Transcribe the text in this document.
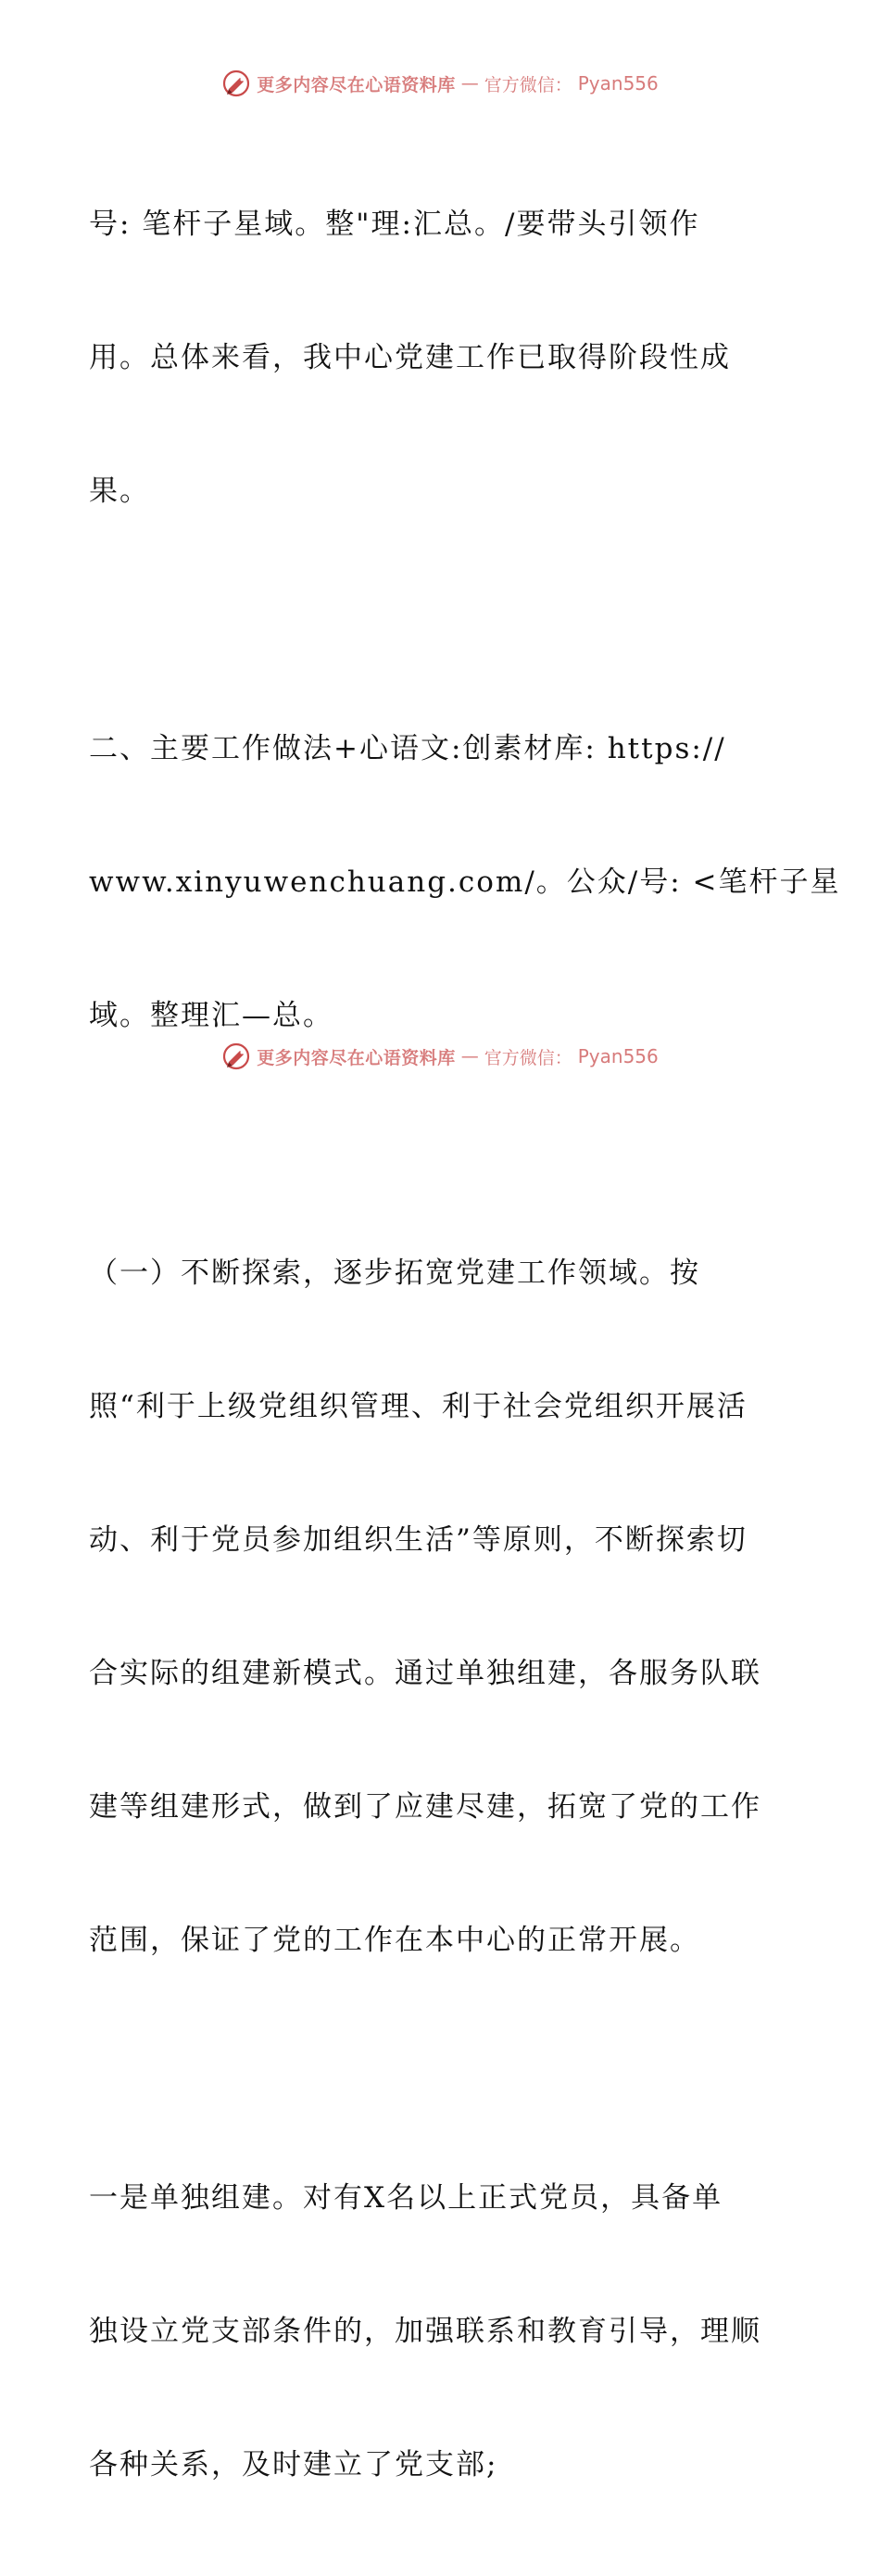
更多内容尽在心语资料库 — 官方微信： Pyan556

号: 笔杆子星域。整"理:汇总。/要带头引领作

用。总体来看，我中心党建工作已取得阶段性成

果。

二、主要工作做法+心语文:创素材库: https://

www.xinyuwenchuang.com/。公众/号: <笔杆子星

域。整理汇—总。

（一）不断探索，逐步拓宽党建工作领域。按

照“利于上级党组织管理、利于社会党组织开展活

动、利于党员参加组织生活”等原则，不断探索切

合实际的组建新模式。通过单独组建，各服务队联

建等组建形式，做到了应建尽建，拓宽了党的工作

范围，保证了党的工作在本中心的正常开展。

一是单独组建。对有X名以上正式党员，具备单

独设立党支部条件的，加强联系和教育引导，理顺

各种关系，及时建立了党支部;

更多内容尽在心语资料库 — 官方微信： Pyan556
